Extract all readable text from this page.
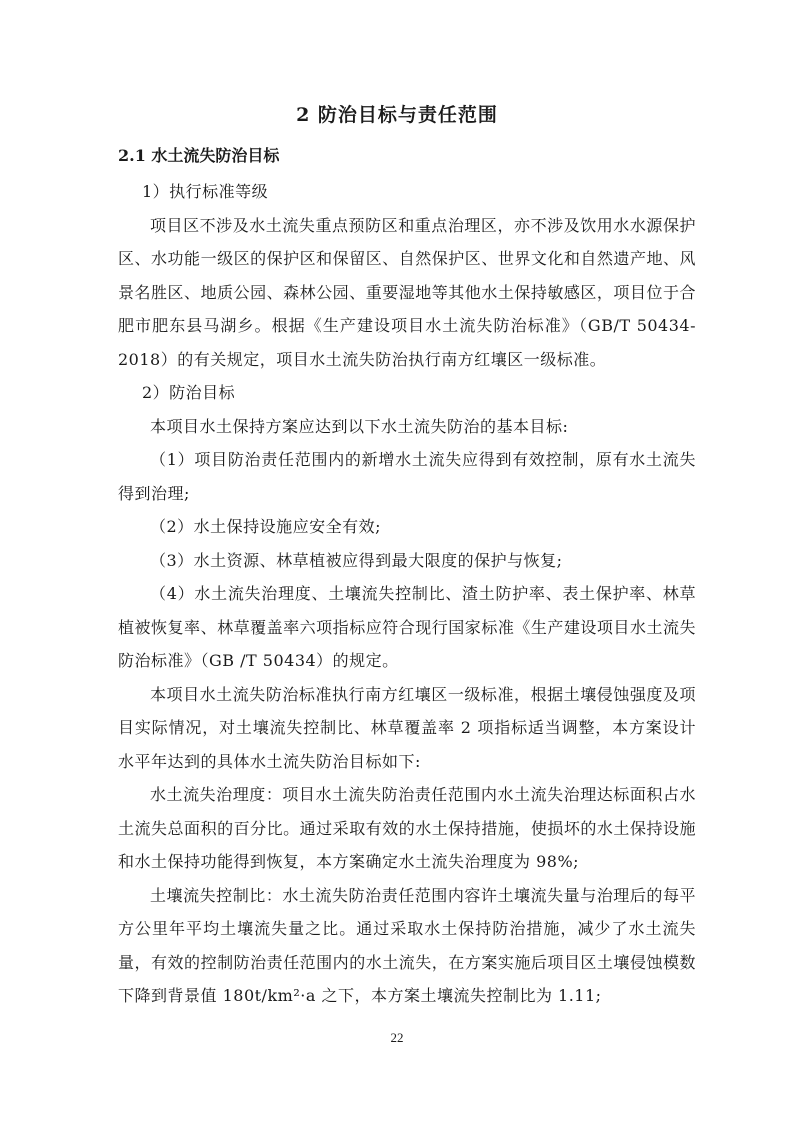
2 防治目标与责任范围
2.1 水土流失防治目标

1）执行标准等级

项目区不涉及水土流失重点预防区和重点治理区，亦不涉及饮用水水源保护区、水功能一级区的保护区和保留区、自然保护区、世界文化和自然遗产地、风景名胜区、地质公园、森林公园、重要湿地等其他水土保持敏感区，项目位于合肥市肥东县马湖乡。根据《生产建设项目水土流失防治标准》（GB/T 50434-2018）的有关规定，项目水土流失防治执行南方红壤区一级标准。

2）防治目标

本项目水土保持方案应达到以下水土流失防治的基本目标:

（1）项目防治责任范围内的新增水土流失应得到有效控制，原有水土流失得到治理;

（2）水土保持设施应安全有效;

（3）水土资源、林草植被应得到最大限度的保护与恢复;

（4）水土流失治理度、土壤流失控制比、渣土防护率、表土保护率、林草植被恢复率、林草覆盖率六项指标应符合现行国家标准《生产建设项目水土流失防治标准》（GB /T 50434）的规定。

本项目水土流失防治标准执行南方红壤区一级标准，根据土壤侵蚀强度及项目实际情况，对土壤流失控制比、林草覆盖率 2 项指标适当调整，本方案设计水平年达到的具体水土流失防治目标如下:

水土流失治理度：项目水土流失防治责任范围内水土流失治理达标面积占水土流失总面积的百分比。通过采取有效的水土保持措施，使损坏的水土保持设施和水土保持功能得到恢复，本方案确定水土流失治理度为 98%;

土壤流失控制比：水土流失防治责任范围内容许土壤流失量与治理后的每平方公里年平均土壤流失量之比。通过采取水土保持防治措施，减少了水土流失量，有效的控制防治责任范围内的水土流失，在方案实施后项目区土壤侵蚀模数下降到背景值 180t/km²·a 之下，本方案土壤流失控制比为 1.11;

22
